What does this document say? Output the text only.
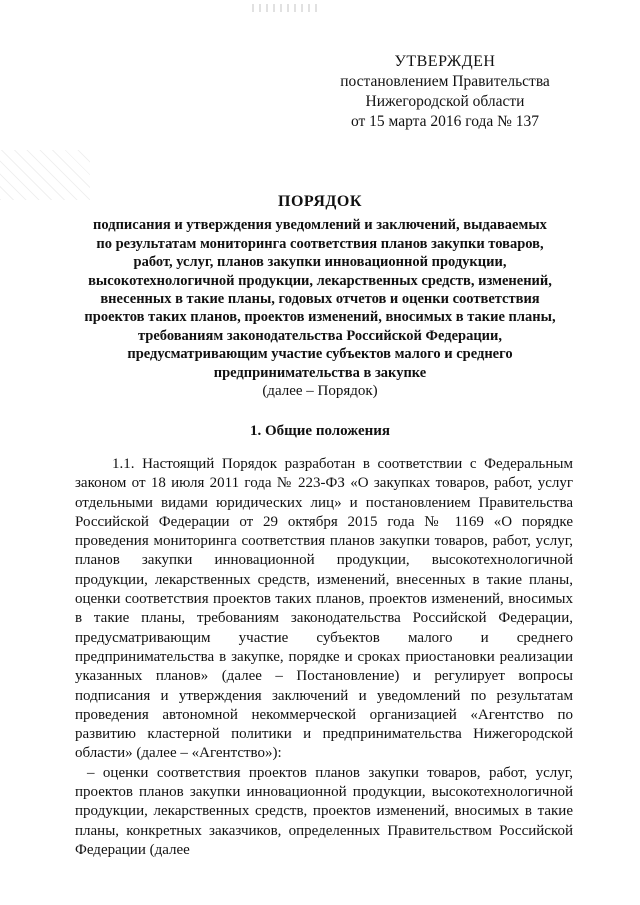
УТВЕРЖДЕН
постановлением Правительства
Нижегородской области
от 15 марта 2016 года № 137
ПОРЯДОК
подписания и утверждения уведомлений и заключений, выдаваемых
по результатам мониторинга соответствия планов закупки товаров,
работ, услуг, планов закупки инновационной продукции,
высокотехнологичной продукции, лекарственных средств, изменений,
внесенных в такие планы, годовых отчетов и оценки соответствия
проектов таких планов, проектов изменений, вносимых в такие планы,
требованиям законодательства Российской Федерации,
предусматривающим участие субъектов малого и среднего
предпринимательства в закупке
(далее – Порядок)
1. Общие положения

1.1. Настоящий Порядок разработан в соответствии с Федеральным законом от 18 июля 2011 года № 223-ФЗ «О закупках товаров, работ, услуг отдельными видами юридических лиц» и постановлением Правительства Российской Федерации от 29 октября 2015 года № 1169 «О порядке проведения мониторинга соответствия планов закупки товаров, работ, услуг, планов закупки инновационной продукции, высокотехнологичной продукции, лекарственных средств, изменений, внесенных в такие планы, оценки соответствия проектов таких планов, проектов изменений, вносимых в такие планы, требованиям законодательства Российской Федерации, предусматривающим участие субъектов малого и среднего предпринимательства в закупке, порядке и сроках приостановки реализации указанных планов» (далее – Постановление) и регулирует вопросы подписания и утверждения заключений и уведомлений по результатам проведения автономной некоммерческой организацией «Агентство по развитию кластерной политики и предпринимательства Нижегородской области» (далее – «Агентство»):

– оценки соответствия проектов планов закупки товаров, работ, услуг, проектов планов закупки инновационной продукции, высокотехнологичной продукции, лекарственных средств, проектов изменений, вносимых в такие планы, конкретных заказчиков, определенных Правительством Российской Федерации (далее
